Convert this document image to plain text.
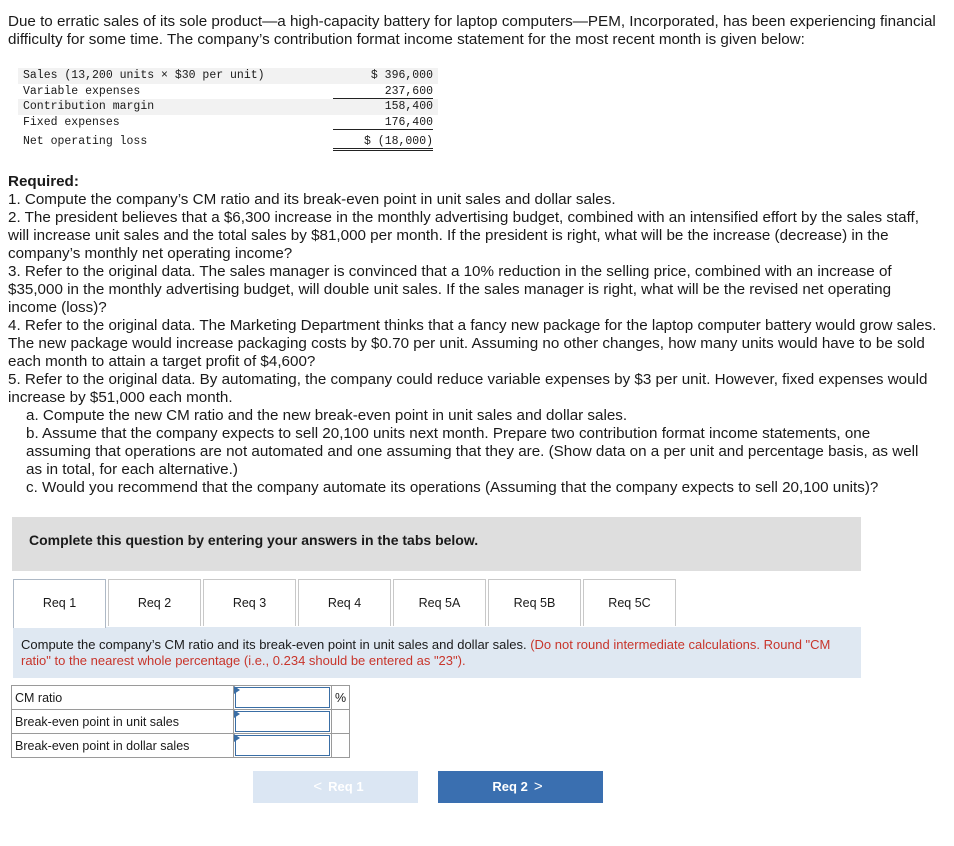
Due to erratic sales of its sole product—a high-capacity battery for laptop computers—PEM, Incorporated, has been experiencing financial difficulty for some time. The company’s contribution format income statement for the most recent month is given below:
Sales (13,200 units × $30 per unit)	$ 396,000
Variable expenses	237,600
Contribution margin	158,400
Fixed expenses	176,400
Net operating loss	$ (18,000)
Required:
1. Compute the company’s CM ratio and its break-even point in unit sales and dollar sales.
2. The president believes that a $6,300 increase in the monthly advertising budget, combined with an intensified effort by the sales staff, will increase unit sales and the total sales by $81,000 per month. If the president is right, what will be the increase (decrease) in the company’s monthly net operating income?
3. Refer to the original data. The sales manager is convinced that a 10% reduction in the selling price, combined with an increase of $35,000 in the monthly advertising budget, will double unit sales. If the sales manager is right, what will be the revised net operating income (loss)?
4. Refer to the original data. The Marketing Department thinks that a fancy new package for the laptop computer battery would grow sales. The new package would increase packaging costs by $0.70 per unit. Assuming no other changes, how many units would have to be sold each month to attain a target profit of $4,600?
5. Refer to the original data. By automating, the company could reduce variable expenses by $3 per unit. However, fixed expenses would increase by $51,000 each month.
a. Compute the new CM ratio and the new break-even point in unit sales and dollar sales.
b. Assume that the company expects to sell 20,100 units next month. Prepare two contribution format income statements, one assuming that operations are not automated and one assuming that they are. (Show data on a per unit and percentage basis, as well as in total, for each alternative.)
c. Would you recommend that the company automate its operations (Assuming that the company expects to sell 20,100 units)?
Complete this question by entering your answers in the tabs below.
Req 1	Req 2	Req 3	Req 4	Req 5A	Req 5B	Req 5C
Compute the company’s CM ratio and its break-even point in unit sales and dollar sales. (Do not round intermediate calculations. Round "CM ratio" to the nearest whole percentage (i.e., 0.234 should be entered as "23").
CM ratio		%
Break-even point in unit sales	

Break-even point in dollar sales	

< Req 1	Req 2 >
